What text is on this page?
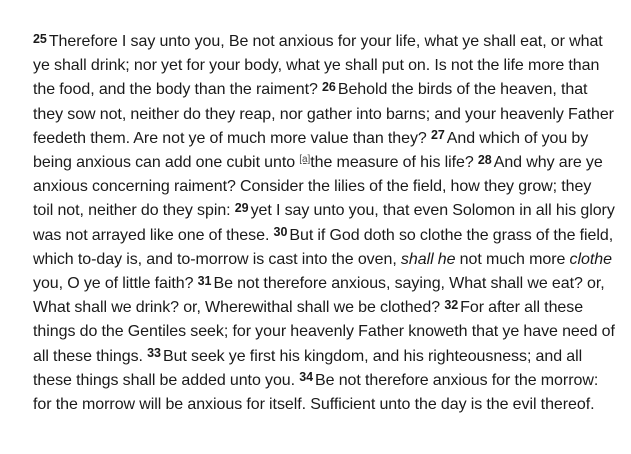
$^{25}$ Therefore I say unto you, Be not anxious for your life, what ye shall eat, or what ye shall drink; nor yet for your body, what ye shall put on. Is not the life more than the food, and the body than the raiment? $^{26}$ Behold the birds of the heaven, that they sow not, neither do they reap, nor gather into barns; and your heavenly Father feedeth them. Are not ye of much more value than they? $^{27}$ And which of you by being anxious can add one cubit unto [a]the measure of his life? $^{28}$ And why are ye anxious concerning raiment? Consider the lilies of the field, how they grow; they toil not, neither do they spin: $^{29}$ yet I say unto you, that even Solomon in all his glory was not arrayed like one of these. $^{30}$ But if God doth so clothe the grass of the field, which to-day is, and to-morrow is cast into the oven, shall he not much more clothe you, O ye of little faith? $^{31}$ Be not therefore anxious, saying, What shall we eat? or, What shall we drink? or, Wherewithal shall we be clothed? $^{32}$ For after all these things do the Gentiles seek; for your heavenly Father knoweth that ye have need of all these things. $^{33}$ But seek ye first his kingdom, and his righteousness; and all these things shall be added unto you. $^{34}$ Be not therefore anxious for the morrow: for the morrow will be anxious for itself. Sufficient unto the day is the evil thereof.
